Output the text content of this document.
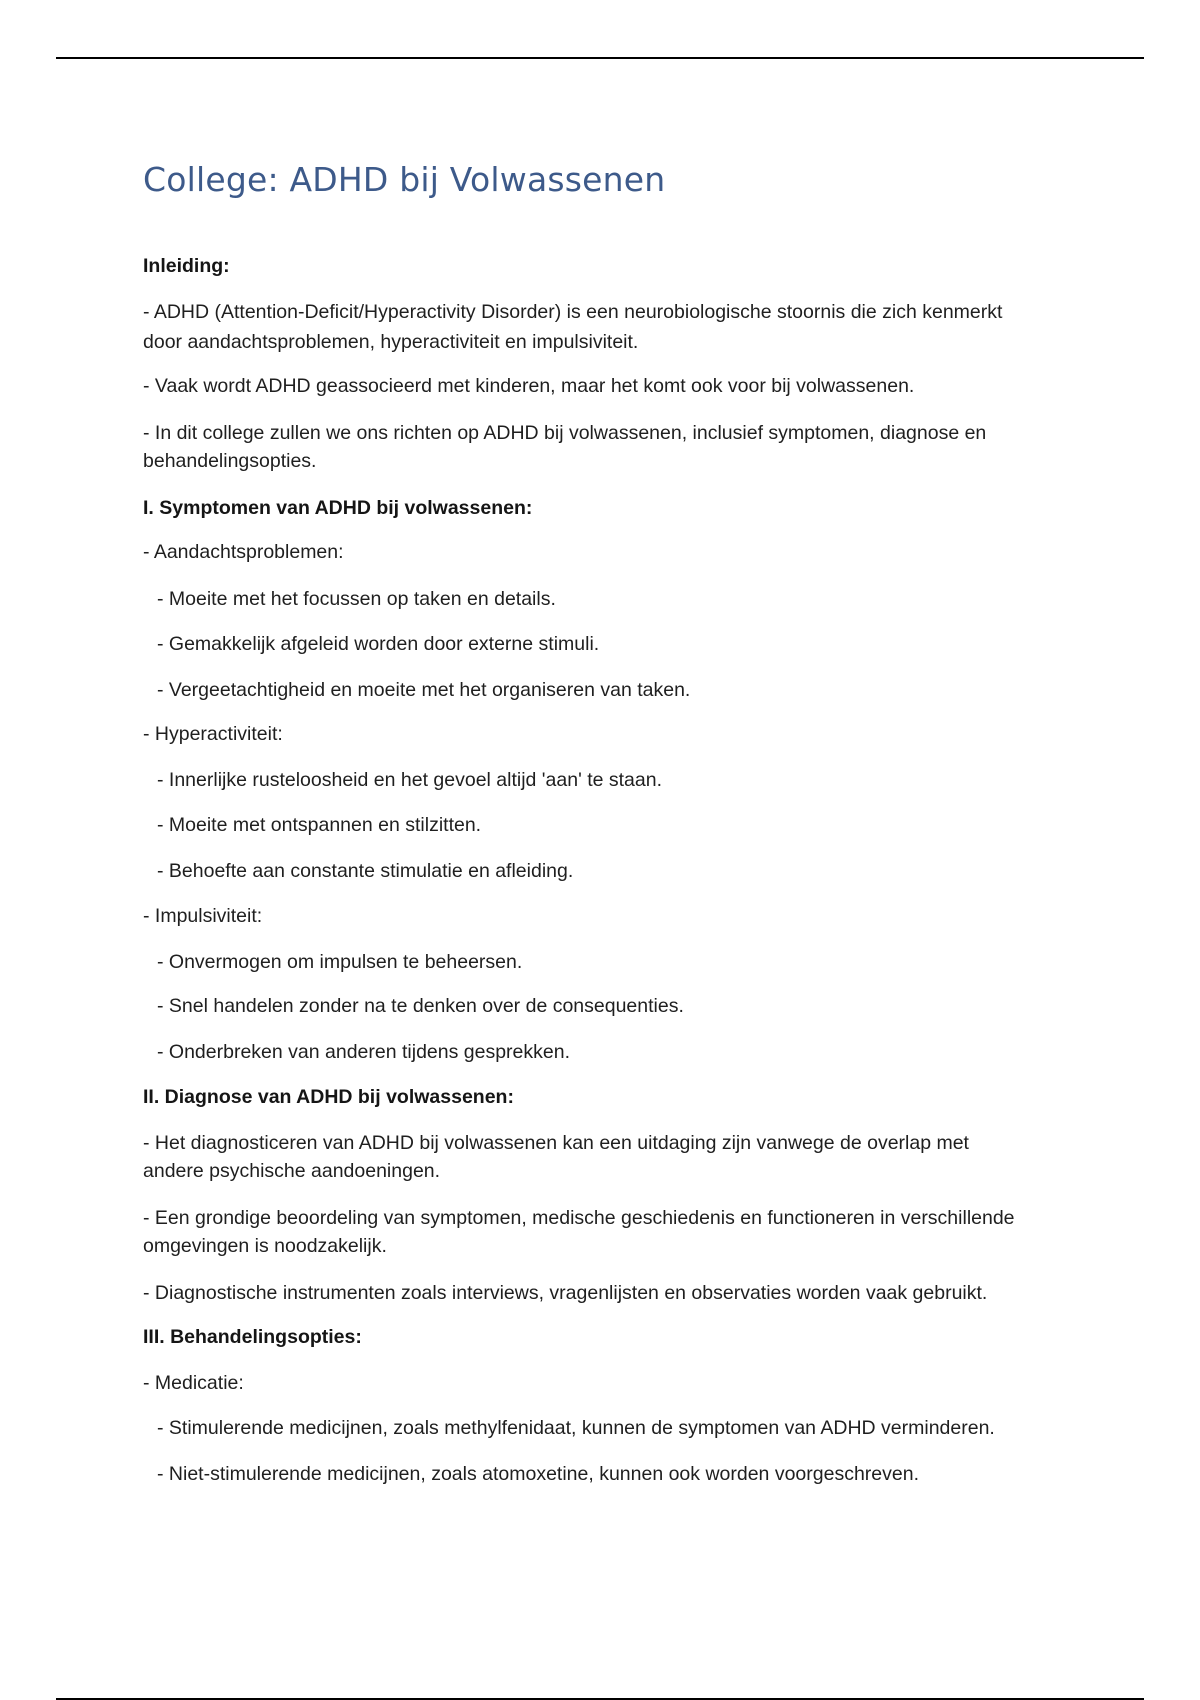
College: ADHD bij Volwassenen

Inleiding:

- ADHD (Attention-Deficit/Hyperactivity Disorder) is een neurobiologische stoornis die zich kenmerkt

door aandachtsproblemen, hyperactiviteit en impulsiviteit.

- Vaak wordt ADHD geassocieerd met kinderen, maar het komt ook voor bij volwassenen.

- In dit college zullen we ons richten op ADHD bij volwassenen, inclusief symptomen, diagnose en

behandelingsopties.

I. Symptomen van ADHD bij volwassenen:

- Aandachtsproblemen:

- Moeite met het focussen op taken en details.

- Gemakkelijk afgeleid worden door externe stimuli.

- Vergeetachtigheid en moeite met het organiseren van taken.

- Hyperactiviteit:

- Innerlijke rusteloosheid en het gevoel altijd 'aan' te staan.

- Moeite met ontspannen en stilzitten.

- Behoefte aan constante stimulatie en afleiding.

- Impulsiviteit:

- Onvermogen om impulsen te beheersen.

- Snel handelen zonder na te denken over de consequenties.

- Onderbreken van anderen tijdens gesprekken.

II. Diagnose van ADHD bij volwassenen:

- Het diagnosticeren van ADHD bij volwassenen kan een uitdaging zijn vanwege de overlap met

andere psychische aandoeningen.

- Een grondige beoordeling van symptomen, medische geschiedenis en functioneren in verschillende

omgevingen is noodzakelijk.

- Diagnostische instrumenten zoals interviews, vragenlijsten en observaties worden vaak gebruikt.

III. Behandelingsopties:

- Medicatie:

- Stimulerende medicijnen, zoals methylfenidaat, kunnen de symptomen van ADHD verminderen.

- Niet-stimulerende medicijnen, zoals atomoxetine, kunnen ook worden voorgeschreven.
